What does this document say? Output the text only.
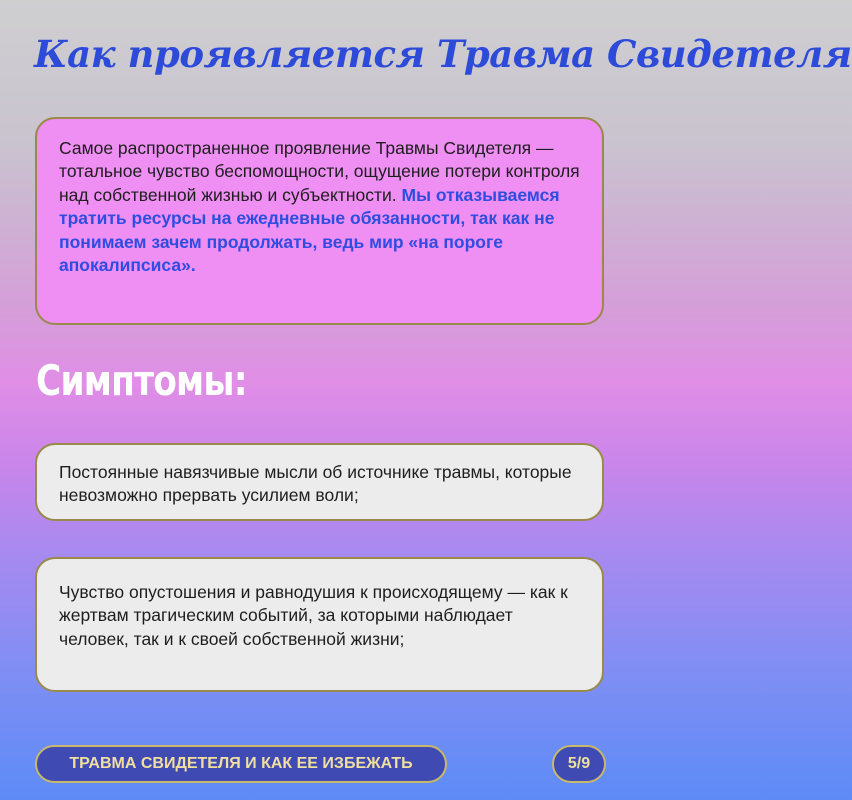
Как проявляется Травма Свидетеля
Самое распространенное проявление Травмы Свидетеля — тотальное чувство беспомощности, ощущение потери контроля над собственной жизнью и субъектности. Мы отказываемся тратить ресурсы на ежедневные обязанности, так как не понимаем зачем продолжать, ведь мир «на пороге апокалипсиса».
Симптомы:
Постоянные навязчивые мысли об источнике травмы, которые невозможно прервать усилием воли;
Чувство опустошения и равнодушия к происходящему — как к жертвам трагическим событий, за которыми наблюдает человек, так и к своей собственной жизни;
ТРАВМА СВИДЕТЕЛЯ И КАК ЕЕ ИЗБЕЖАТЬ	5/9
